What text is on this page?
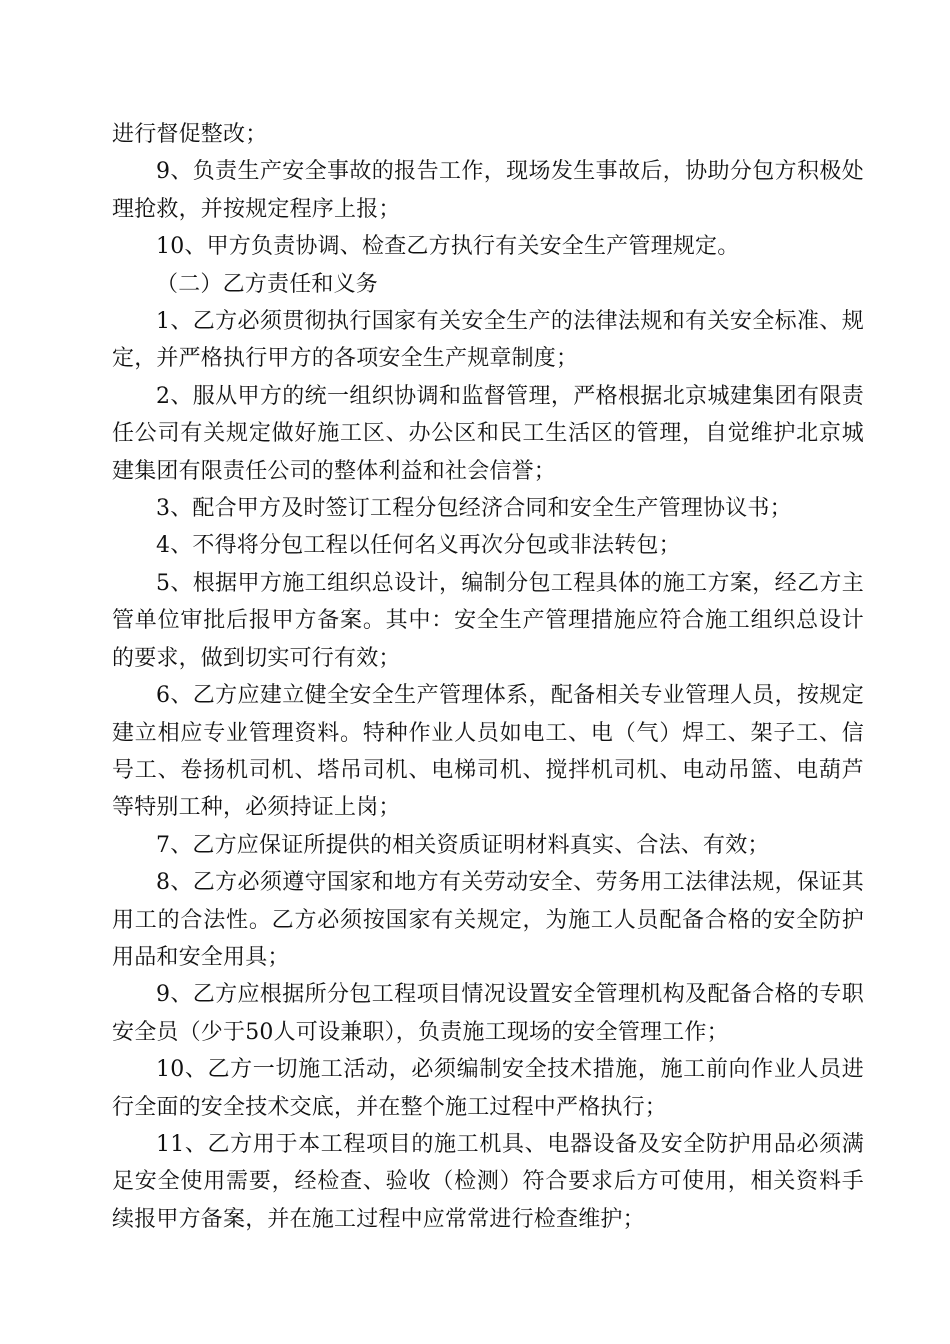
进行督促整改；

9、负责生产安全事故的报告工作，现场发生事故后，协助分包方积极处理抢救，并按规定程序上报；

10、甲方负责协调、检查乙方执行有关安全生产管理规定。

（二）乙方责任和义务

1、乙方必须贯彻执行国家有关安全生产的法律法规和有关安全标准、规定，并严格执行甲方的各项安全生产规章制度；

2、服从甲方的统一组织协调和监督管理，严格根据北京城建集团有限责任公司有关规定做好施工区、办公区和民工生活区的管理，自觉维护北京城建集团有限责任公司的整体利益和社会信誉；

3、配合甲方及时签订工程分包经济合同和安全生产管理协议书；

4、不得将分包工程以任何名义再次分包或非法转包；

5、根据甲方施工组织总设计，编制分包工程具体的施工方案，经乙方主管单位审批后报甲方备案。其中：安全生产管理措施应符合施工组织总设计的要求，做到切实可行有效；

6、乙方应建立健全安全生产管理体系，配备相关专业管理人员，按规定建立相应专业管理资料。特种作业人员如电工、电（气）焊工、架子工、信号工、卷扬机司机、塔吊司机、电梯司机、搅拌机司机、电动吊篮、电葫芦等特别工种，必须持证上岗；

7、乙方应保证所提供的相关资质证明材料真实、合法、有效；

8、乙方必须遵守国家和地方有关劳动安全、劳务用工法律法规，保证其用工的合法性。乙方必须按国家有关规定，为施工人员配备合格的安全防护用品和安全用具；

9、乙方应根据所分包工程项目情况设置安全管理机构及配备合格的专职安全员（少于50人可设兼职），负责施工现场的安全管理工作；

10、乙方一切施工活动，必须编制安全技术措施，施工前向作业人员进行全面的安全技术交底，并在整个施工过程中严格执行；

11、乙方用于本工程项目的施工机具、电器设备及安全防护用品必须满足安全使用需要，经检查、验收（检测）符合要求后方可使用，相关资料手续报甲方备案，并在施工过程中应常常进行检查维护；
